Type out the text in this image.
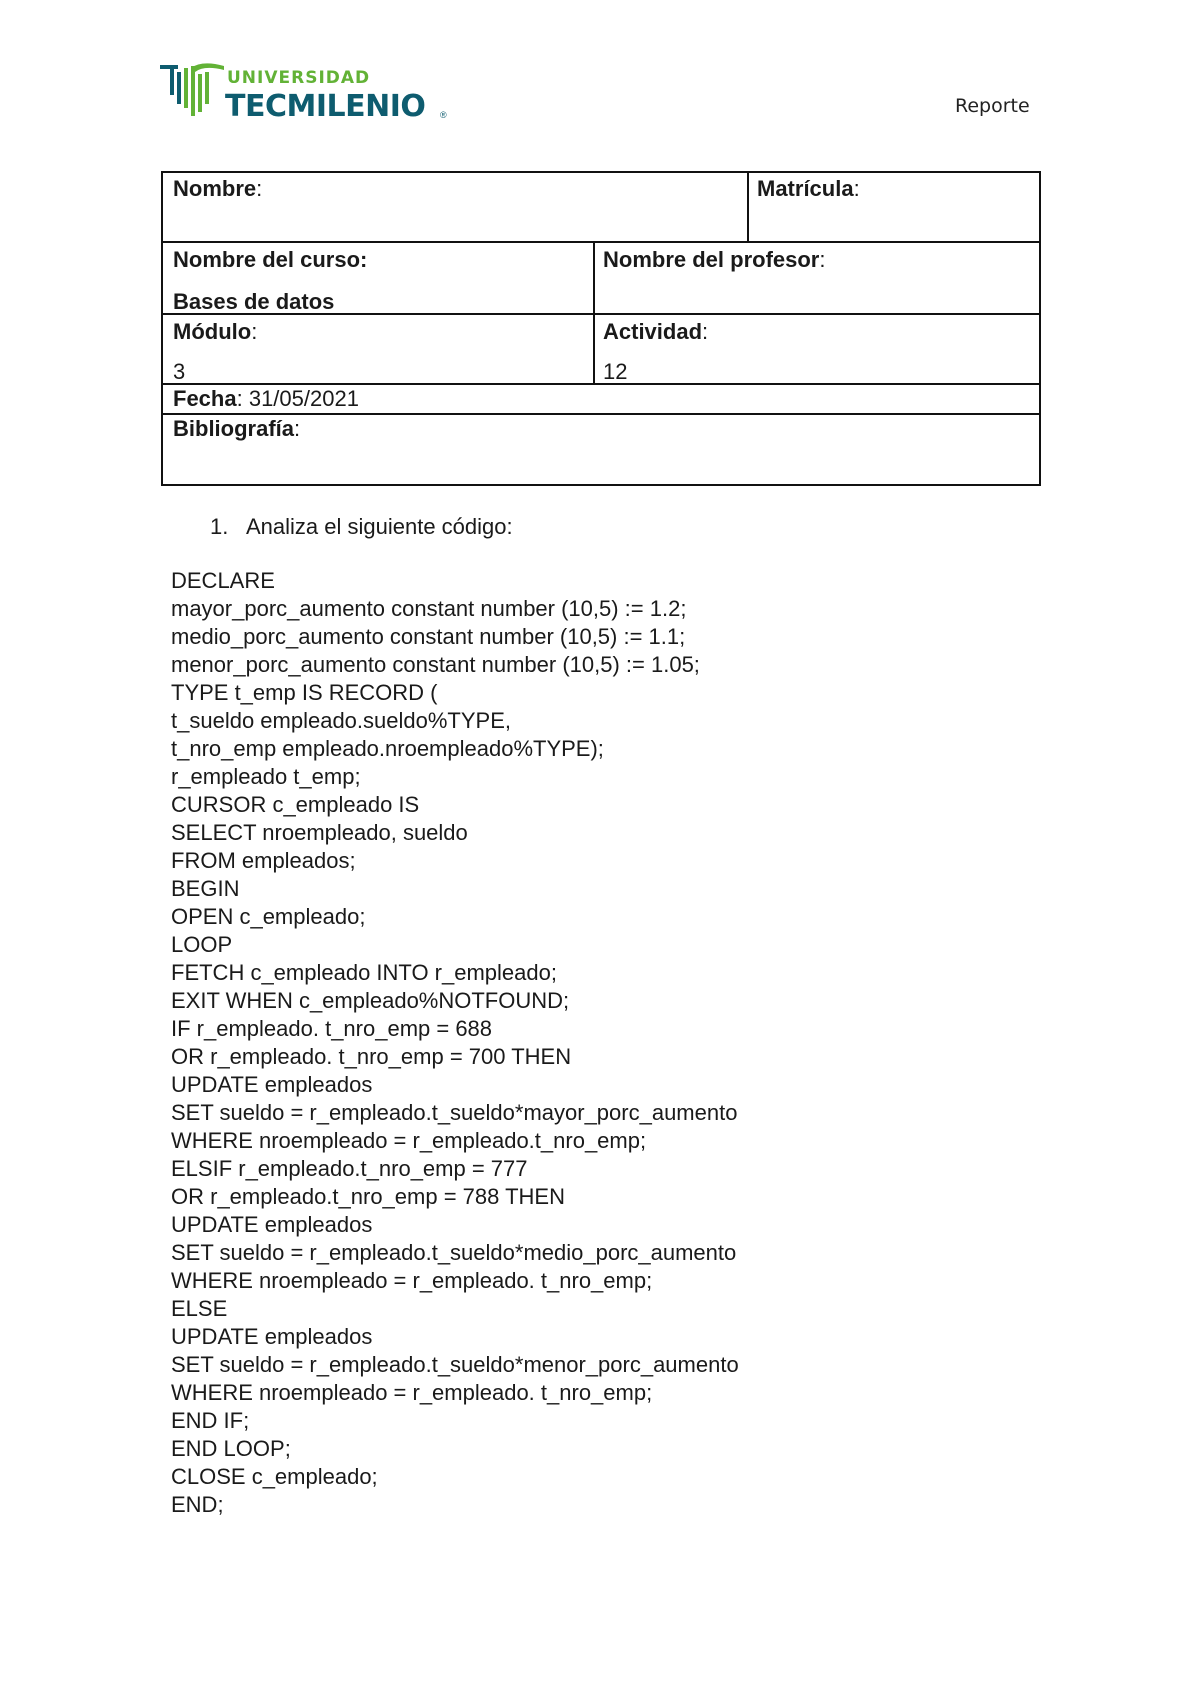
UNIVERSIDAD
TECMILENIO ®	Reporte
Nombre:	Matrícula:
Nombre del curso:
Bases de datos
Nombre del profesor:
Módulo:
3
Actividad:
12
Fecha: 31/05/2021
Bibliografía:
1. Analiza el siguiente código:
DECLARE
mayor_porc_aumento constant number (10,5) := 1.2;
medio_porc_aumento constant number (10,5) := 1.1;
menor_porc_aumento constant number (10,5) := 1.05;
TYPE t_emp IS RECORD (
t_sueldo empleado.sueldo%TYPE,
t_nro_emp empleado.nroempleado%TYPE);
r_empleado t_emp;
CURSOR c_empleado IS
SELECT nroempleado, sueldo
FROM empleados;
BEGIN
OPEN c_empleado;
LOOP
FETCH c_empleado INTO r_empleado;
EXIT WHEN c_empleado%NOTFOUND;
IF r_empleado. t_nro_emp = 688
OR r_empleado. t_nro_emp = 700 THEN
UPDATE empleados
SET sueldo = r_empleado.t_sueldo*mayor_porc_aumento
WHERE nroempleado = r_empleado.t_nro_emp;
ELSIF r_empleado.t_nro_emp = 777
OR r_empleado.t_nro_emp = 788 THEN
UPDATE empleados
SET sueldo = r_empleado.t_sueldo*medio_porc_aumento
WHERE nroempleado = r_empleado. t_nro_emp;
ELSE
UPDATE empleados
SET sueldo = r_empleado.t_sueldo*menor_porc_aumento
WHERE nroempleado = r_empleado. t_nro_emp;
END IF;
END LOOP;
CLOSE c_empleado;
END;
